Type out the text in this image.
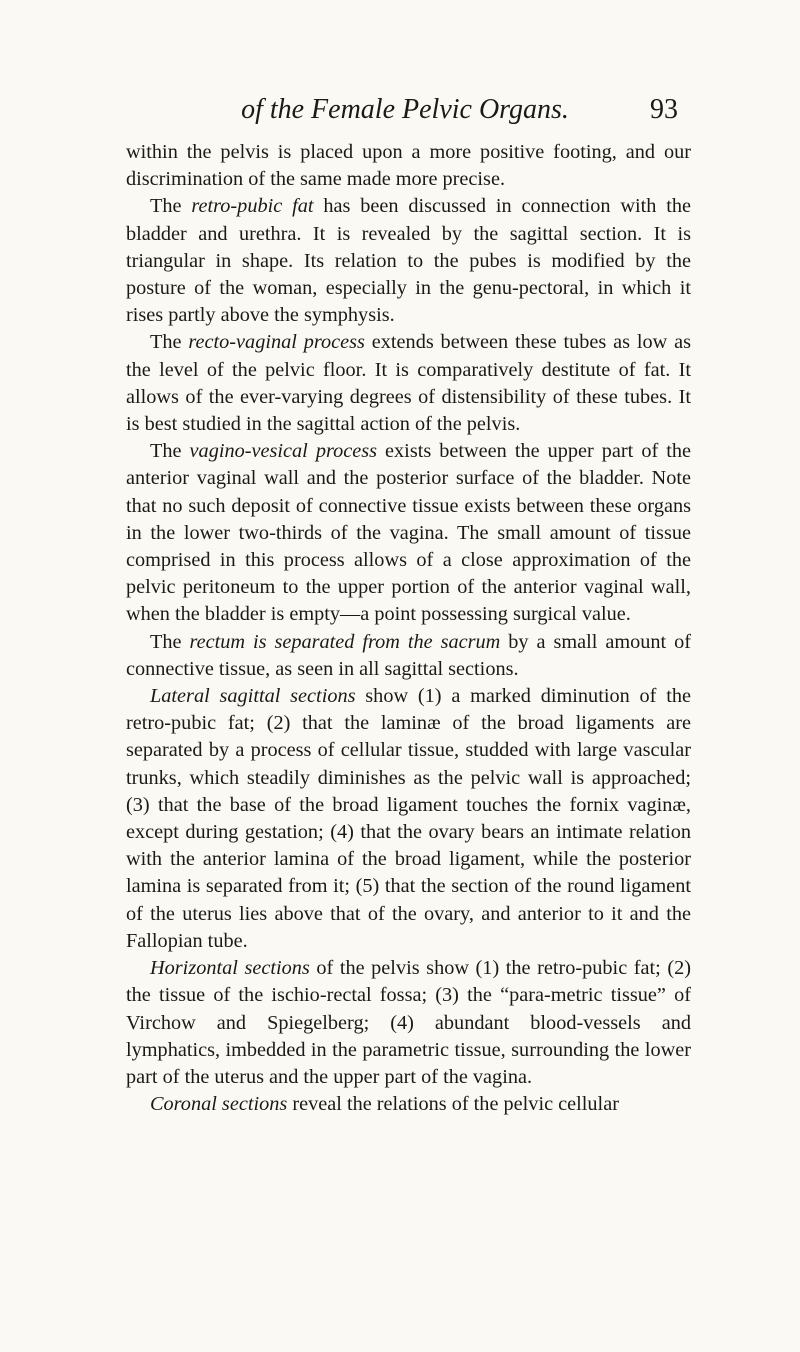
of the Female Pelvic Organs.	93

within the pelvis is placed upon a more positive footing, and our discrimination of the same made more precise.

The retro-pubic fat has been discussed in connection with the bladder and urethra. It is revealed by the sagittal section. It is triangular in shape. Its relation to the pubes is modified by the posture of the woman, especially in the genu-pectoral, in which it rises partly above the symphysis.

The recto-vaginal process extends between these tubes as low as the level of the pelvic floor. It is comparatively destitute of fat. It allows of the ever-varying degrees of distensibility of these tubes. It is best studied in the sagittal action of the pelvis.

The vagino-vesical process exists between the upper part of the anterior vaginal wall and the posterior surface of the bladder. Note that no such deposit of connective tissue exists between these organs in the lower two-thirds of the vagina. The small amount of tissue comprised in this process allows of a close approximation of the pelvic peritoneum to the upper portion of the anterior vaginal wall, when the bladder is empty—a point possessing surgical value.

The rectum is separated from the sacrum by a small amount of connective tissue, as seen in all sagittal sections.

Lateral sagittal sections show (1) a marked diminution of the retro-pubic fat; (2) that the laminæ of the broad ligaments are separated by a process of cellular tissue, studded with large vascular trunks, which steadily diminishes as the pelvic wall is approached; (3) that the base of the broad ligament touches the fornix vaginæ, except during gestation; (4) that the ovary bears an intimate relation with the anterior lamina of the broad ligament, while the posterior lamina is separated from it; (5) that the section of the round ligament of the uterus lies above that of the ovary, and anterior to it and the Fallopian tube.

Horizontal sections of the pelvis show (1) the retro-pubic fat; (2) the tissue of the ischio-rectal fossa; (3) the “para-metric tissue” of Virchow and Spiegelberg; (4) abundant blood-vessels and lymphatics, imbedded in the parametric tissue, surrounding the lower part of the uterus and the upper part of the vagina.

Coronal sections reveal the relations of the pelvic cellular
